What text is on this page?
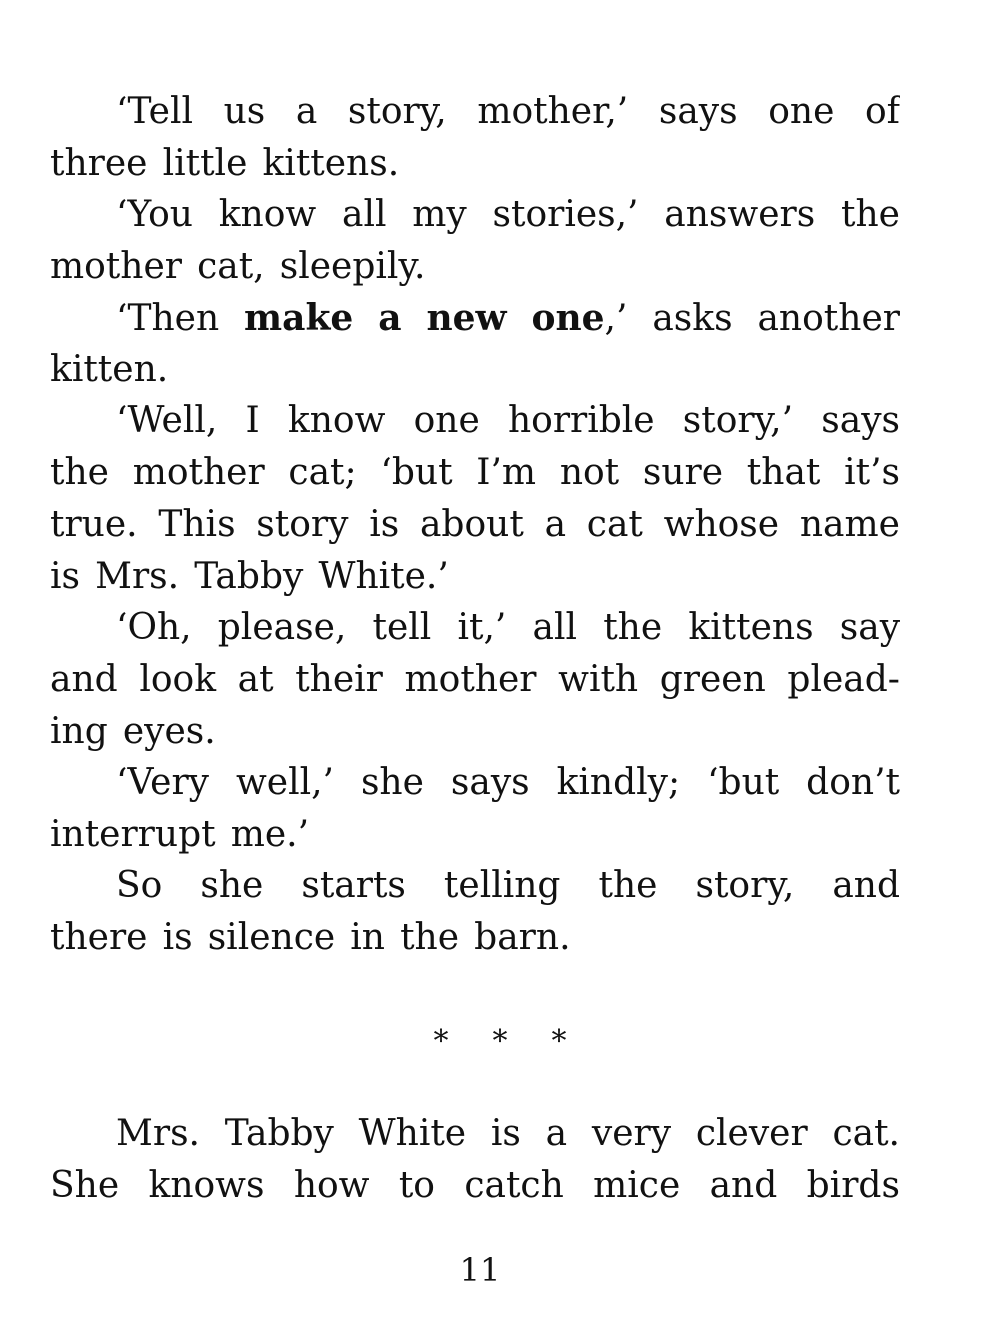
‘Tell us a story, mother,’ says one of
three little kittens.
‘You know all my stories,’ answers the
mother cat, sleepily.
‘Then make a new one,’ asks another
kitten.
‘Well, I know one horrible story,’ says
the mother cat; ‘but I’m not sure that it’s
true. This story is about a cat whose name
is Mrs. Tabby White.’
‘Oh, please, tell it,’ all the kittens say
and look at their mother with green plead-
ing eyes.
‘Very well,’ she says kindly; ‘but don’t
interrupt me.’
So she starts telling the story, and
there is silence in the barn.
* * *
Mrs. Tabby White is a very clever cat.
She knows how to catch mice and birds
11
